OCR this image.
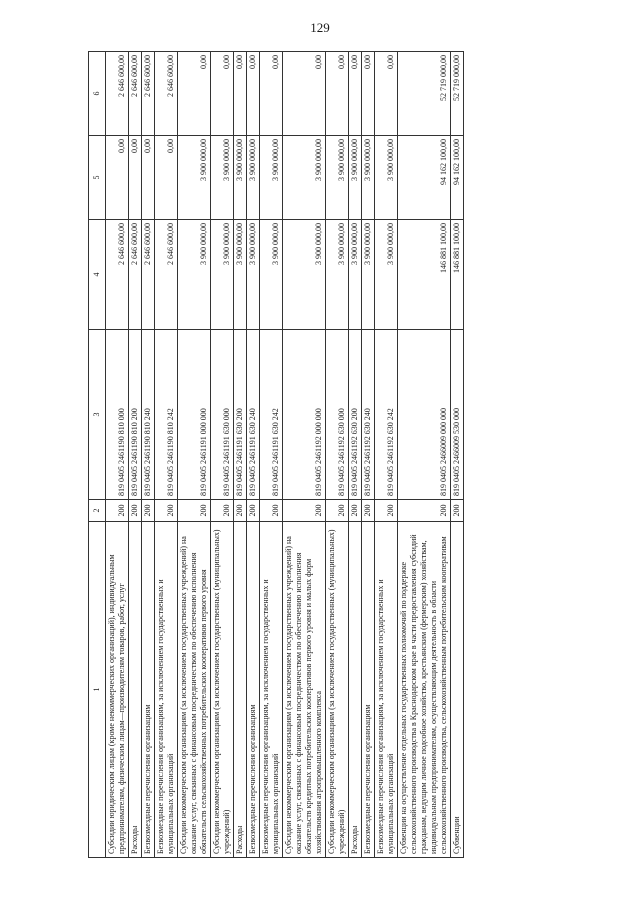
129
1	2	3	4	5	6
Субсидии юридическим лицам (кроме некоммерческих организаций), индивидуальным предпринимателям, физическим лицам—производителям товаров, работ, услуг	200	819 0405 2461190 810 000	2 646 600,00	0,00	2 646 600,00
Расходы	200	819 0405 2461190 810 200	2 646 600,00	0,00	2 646 600,00
Безвозмездные перечисления организациям	200	819 0405 2461190 810 240	2 646 600,00	0,00	2 646 600,00
Безвозмездные перечисления организациям, за исключением государственных и муниципальных организаций	200	819 0405 2461190 810 242	2 646 600,00	0,00	2 646 600,00
Субсидии некоммерческим организациям (за исключением государственных учреждений) на оказание услуг, связанных с финансовым посредничеством по обеспечению исполнения обязательств сельскохозяйственных потребительских кооперативов первого уровня	200	819 0405 2461191 000 000	3 900 000,00	3 900 000,00	0,00
Субсидии некоммерческим организациям (за исключением государственных (муниципальных) учреждений)	200	819 0405 2461191 630 000	3 900 000,00	3 900 000,00	0,00
Расходы	200	819 0405 2461191 630 200	3 900 000,00	3 900 000,00	0,00
Безвозмездные перечисления организациям	200	819 0405 2461191 630 240	3 900 000,00	3 900 000,00	0,00
Безвозмездные перечисления организациям, за исключением государственных и муниципальных организаций	200	819 0405 2461191 630 242	3 900 000,00	3 900 000,00	0,00
Субсидии некоммерческим организациям (за исключением государственных учреждений) на оказание услуг, связанных с финансовым посредничеством по обеспечению исполнения обязательств кредитных потребительских кооперативов первого уровня и малых форм хозяйствования агропромышленного комплекса	200	819 0405 2461192 000 000	3 900 000,00	3 900 000,00	0,00
Субсидии некоммерческим организациям (за исключением государственных (муниципальных) учреждений)	200	819 0405 2461192 630 000	3 900 000,00	3 900 000,00	0,00
Расходы	200	819 0405 2461192 630 200	3 900 000,00	3 900 000,00	0,00
Безвозмездные перечисления организациям	200	819 0405 2461192 630 240	3 900 000,00	3 900 000,00	0,00
Безвозмездные перечисления организациям, за исключением государственных и муниципальных организаций	200	819 0405 2461192 630 242	3 900 000,00	3 900 000,00	0,00
Субвенции на осуществление отдельных государственных полномочий по поддержке сельскохозяйственного производства в Краснодарском крае в части предоставления субсидий гражданам, ведущим личное подсобное хозяйство, крестьянским (фермерским) хозяйствам, индивидуальным предпринимателям, осуществляющим деятельность в области сельскохозяйственного производства, сельскохозяйственным потребительским кооперативам	200	819 0405 2466009 000 000	146 881 100,00	94 162 100,00	52 719 000,00
Субвенции	200	819 0405 2466009 530 000	146 881 100,00	94 162 100,00	52 719 000,00
